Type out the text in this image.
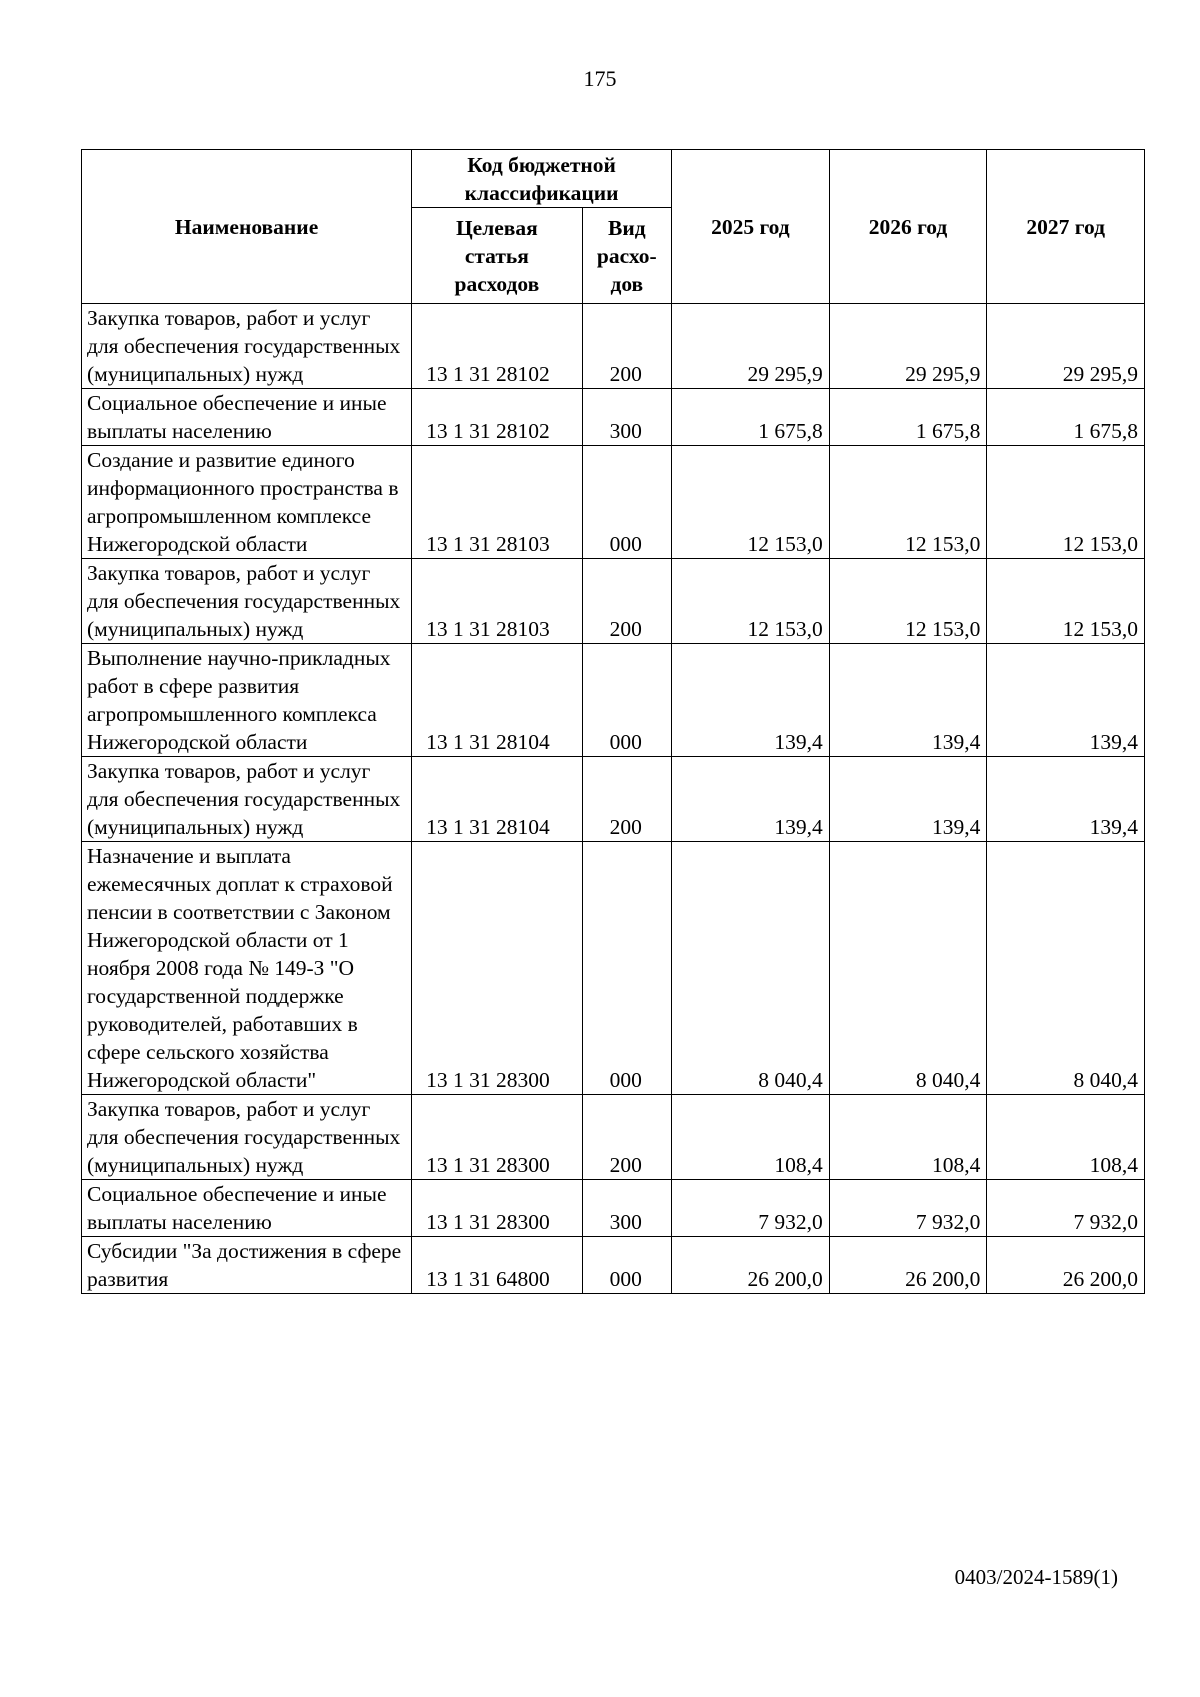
175
Наименование	Код бюджетной классификации		2025 год	2026 год	2027 год
	Целевая статья расходов	Вид расхо-дов			
Закупка товаров, работ и услуг для обеспечения государственных (муниципальных) нужд	13 1 31 28102	200	29 295,9	29 295,9	29 295,9
Социальное обеспечение и иные выплаты населению	13 1 31 28102	300	1 675,8	1 675,8	1 675,8
Создание и развитие единого информационного пространства в агропромышленном комплексе Нижегородской области	13 1 31 28103	000	12 153,0	12 153,0	12 153,0
Закупка товаров, работ и услуг для обеспечения государственных (муниципальных) нужд	13 1 31 28103	200	12 153,0	12 153,0	12 153,0
Выполнение научно-прикладных работ в сфере развития агропромышленного комплекса Нижегородской области	13 1 31 28104	000	139,4	139,4	139,4
Закупка товаров, работ и услуг для обеспечения государственных (муниципальных) нужд	13 1 31 28104	200	139,4	139,4	139,4
Назначение и выплата ежемесячных доплат к страховой пенсии в соответствии с Законом Нижегородской области от 1 ноября 2008 года № 149-З "О государственной поддержке руководителей, работавших в сфере сельского хозяйства Нижегородской области"	13 1 31 28300	000	8 040,4	8 040,4	8 040,4
Закупка товаров, работ и услуг для обеспечения государственных (муниципальных) нужд	13 1 31 28300	200	108,4	108,4	108,4
Социальное обеспечение и иные выплаты населению	13 1 31 28300	300	7 932,0	7 932,0	7 932,0
Субсидии "За достижения в сфере развития	13 1 31 64800	000	26 200,0	26 200,0	26 200,0
0403/2024-1589(1)
